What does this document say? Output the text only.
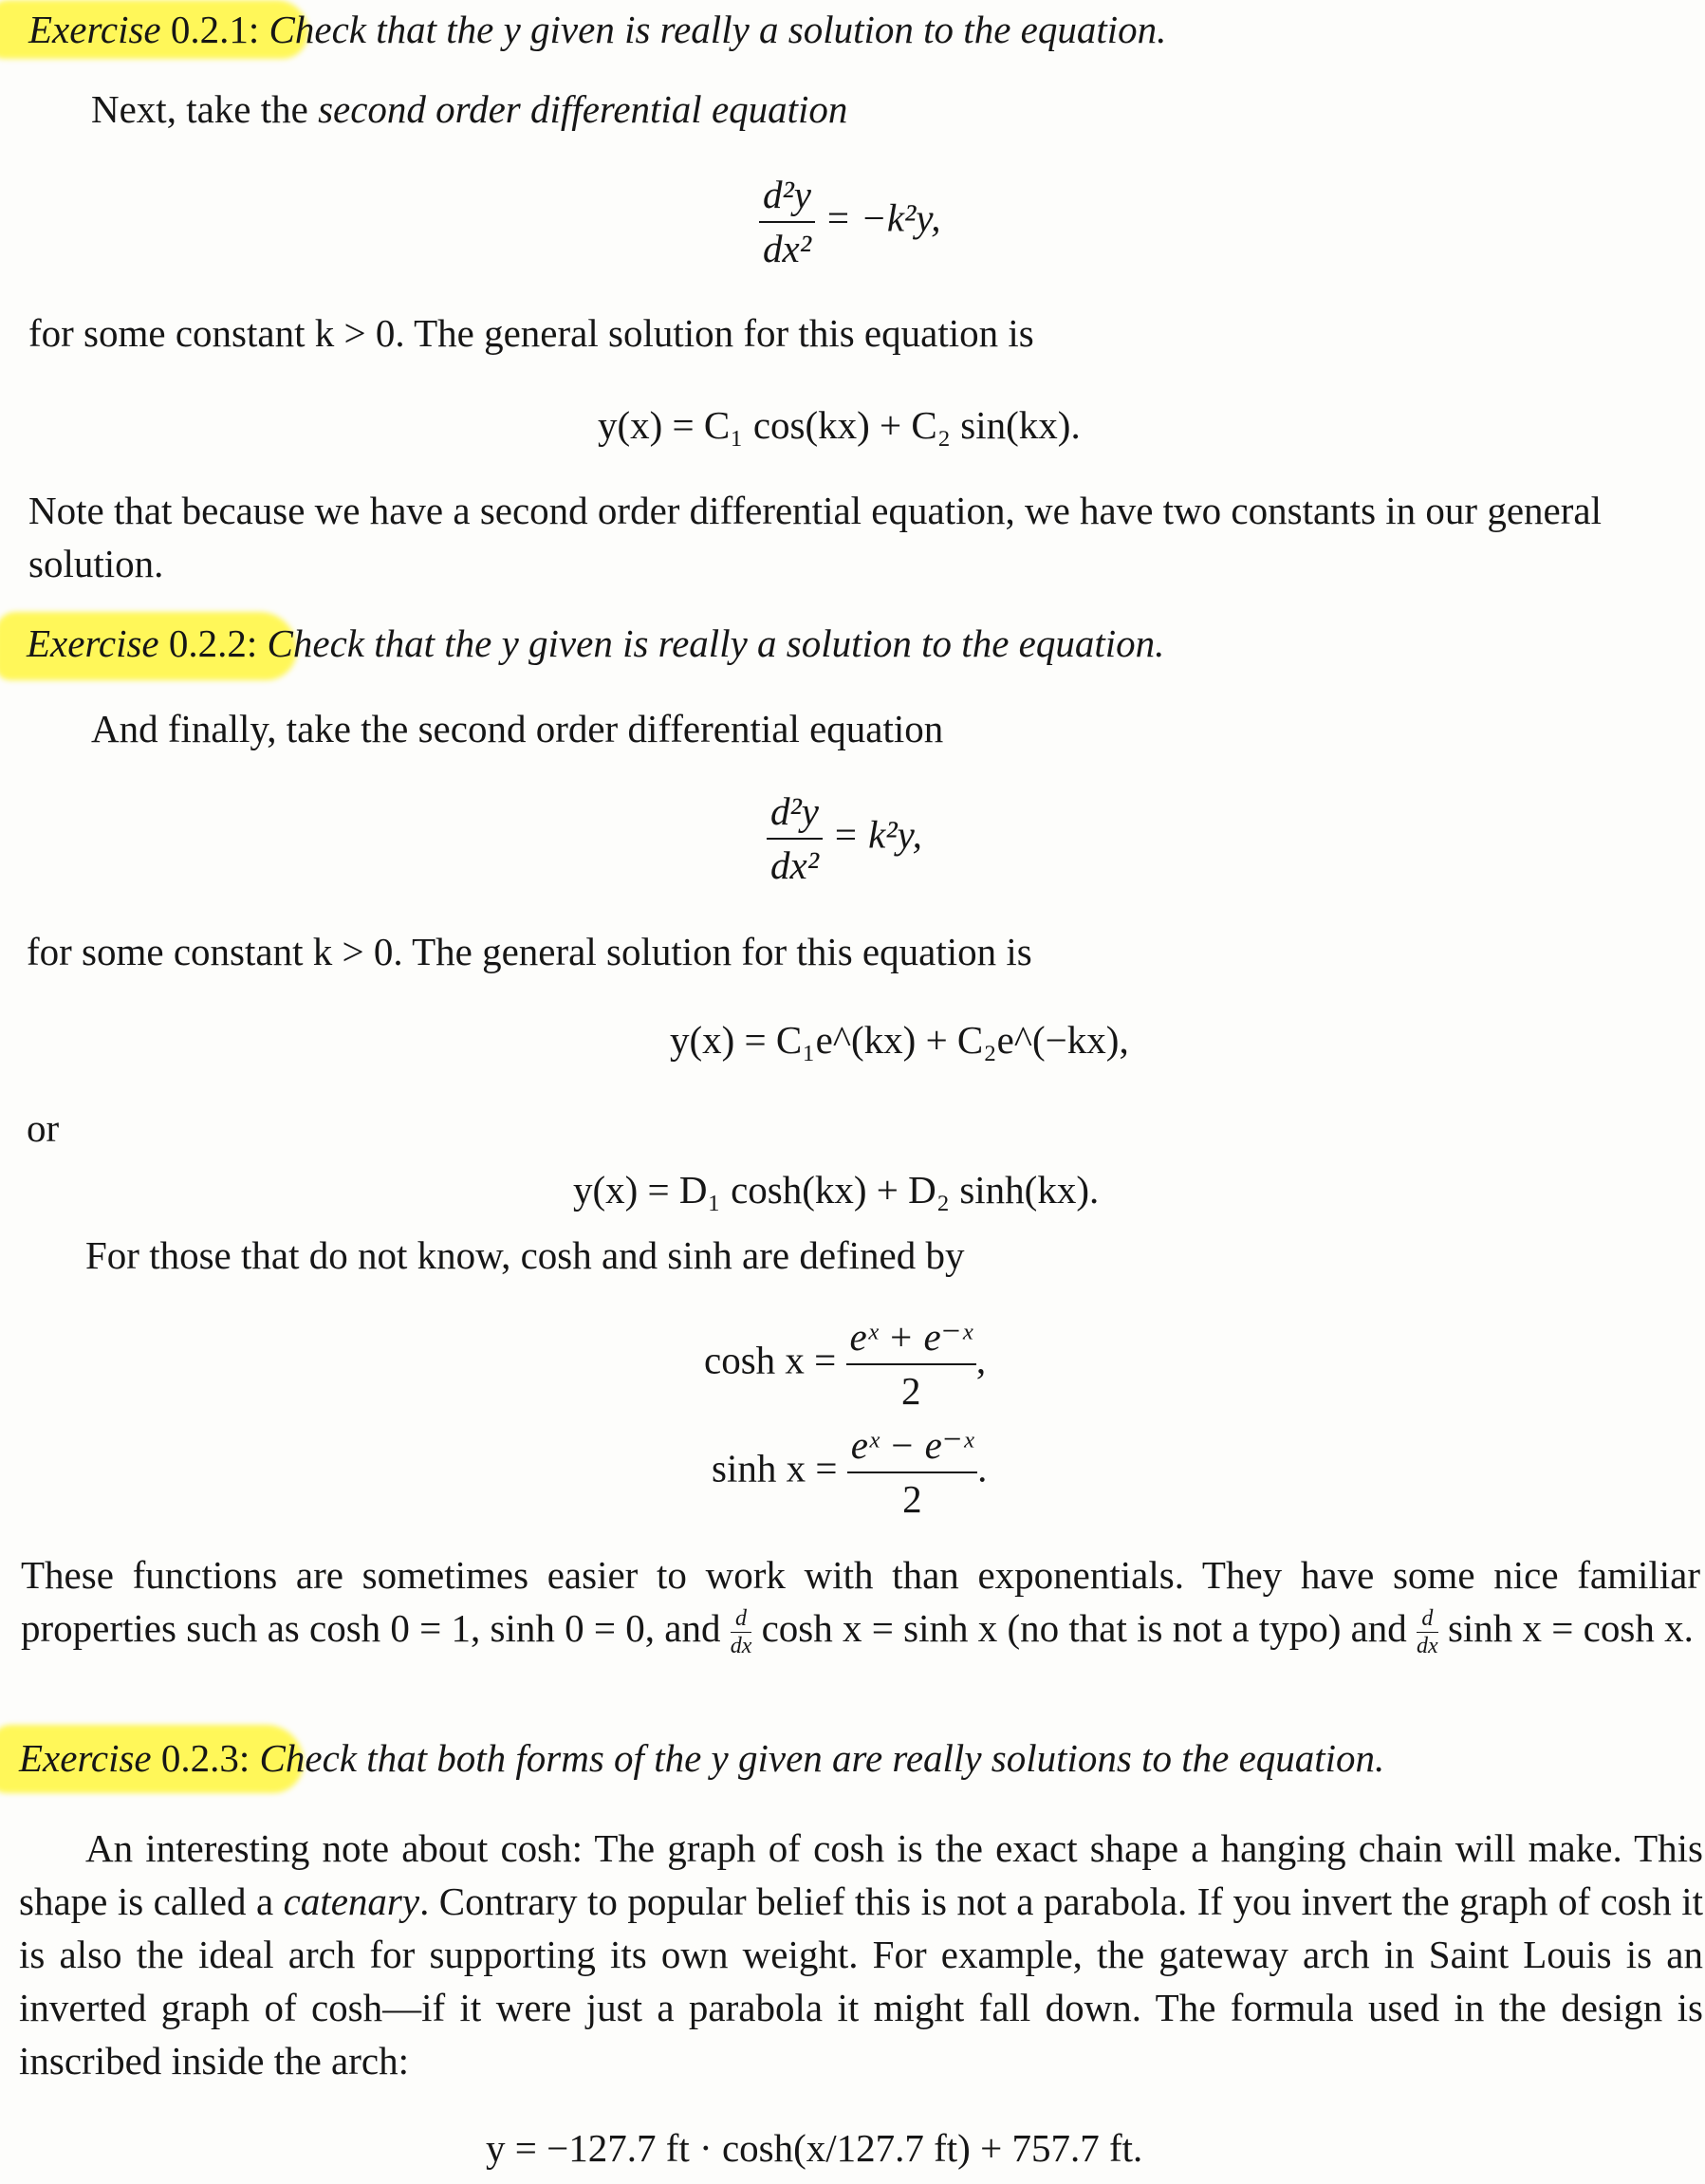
Exercise 0.2.1: Check that the y given is really a solution to the equation.
Next, take the second order differential equation
$\frac{\text{d²y}}{\text{dx²}} = -k^2y$,
for some constant k > 0. The general solution for this equation is
y(x) = C₁ cos(kx) + C₂ sin(kx).
Note that because we have a second order differential equation, we have two constants in our general solution.
Exercise 0.2.2: Check that the y given is really a solution to the equation.
And finally, take the second order differential equation
$\frac{\text{d²y}}{\text{dx²}} = k^2y$,
for some constant k > 0. The general solution for this equation is
y(x) = C₁e^(kx) + C₂e^(−kx),
or
y(x) = D₁ cosh(kx) + D₂ sinh(kx).
For those that do not know, cosh and sinh are defined by
$\cosh x = \frac{\text{eˣ + e⁻ˣ}}{2}$ ,
$\sinh x = \frac{\text{eˣ − e⁻ˣ}}{2}$ .
These functions are sometimes easier to work with than exponentials. They have some nice familiar properties such as cosh 0 = 1, sinh 0 = 0, and $\frac{d}{dx}$ cosh x = sinh x (no that is not a typo) and $\frac{d}{dx}$ sinh x = cosh x.
Exercise 0.2.3: Check that both forms of the y given are really solutions to the equation.
An interesting note about cosh: The graph of cosh is the exact shape a hanging chain will make. This shape is called a catenary. Contrary to popular belief this is not a parabola. If you invert the graph of cosh it is also the ideal arch for supporting its own weight. For example, the gateway arch in Saint Louis is an inverted graph of cosh—if it were just a parabola it might fall down. The formula used in the design is inscribed inside the arch:
y = −127.7 ft · cosh(x/127.7 ft) + 757.7 ft.
